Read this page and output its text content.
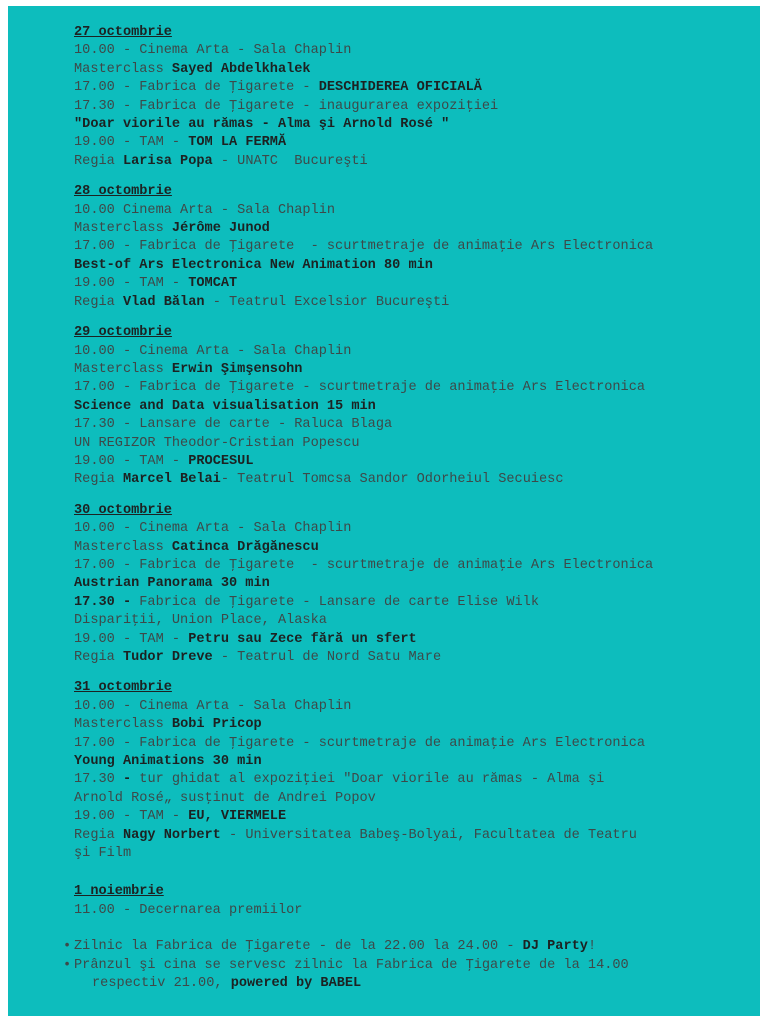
27 octombrie
10.00 - Cinema Arta - Sala Chaplin
Masterclass Sayed Abdelkhalek
17.00 - Fabrica de Ţigarete - DESCHIDEREA OFICIALĂ
17.30 - Fabrica de Ţigarete - inaugurarea expoziţiei
"Doar viorile au rămas - Alma şi Arnold Rosé "
19.00 - TAM - TOM LA FERMĂ
Regia Larisa Popa - UNATC  Bucureşti
28 octombrie
10.00 Cinema Arta - Sala Chaplin
Masterclass Jérôme Junod
17.00 - Fabrica de Ţigarete  - scurtmetraje de animaţie Ars Electronica
Best-of Ars Electronica New Animation 80 min
19.00 - TAM - TOMCAT
Regia Vlad Bălan - Teatrul Excelsior Bucureşti
29 octombrie
10.00 - Cinema Arta - Sala Chaplin
Masterclass Erwin Şimşensohn
17.00 - Fabrica de Ţigarete - scurtmetraje de animaţie Ars Electronica
Science and Data visualisation 15 min
17.30 - Lansare de carte - Raluca Blaga
UN REGIZOR Theodor-Cristian Popescu
19.00 - TAM - PROCESUL
Regia Marcel Belai- Teatrul Tomcsa Sandor Odorheiul Secuiesc
30 octombrie
10.00 - Cinema Arta - Sala Chaplin
Masterclass Catinca Drăgănescu
17.00 - Fabrica de Ţigarete  - scurtmetraje de animaţie Ars Electronica
Austrian Panorama 30 min
17.30 - Fabrica de Ţigarete - Lansare de carte Elise Wilk
Dispariţii, Union Place, Alaska
19.00 - TAM - Petru sau Zece fără un sfert
Regia Tudor Dreve - Teatrul de Nord Satu Mare
31 octombrie
10.00 - Cinema Arta - Sala Chaplin
Masterclass Bobi Pricop
17.00 - Fabrica de Ţigarete - scurtmetraje de animaţie Ars Electronica
Young Animations 30 min
17.30 - tur ghidat al expoziţiei "Doar viorile au rămas - Alma şi
Arnold Rosé„ susţinut de Andrei Popov
19.00 - TAM - EU, VIERMELE
Regia Nagy Norbert - Universitatea Babeş-Bolyai, Facultatea de Teatru
şi Film
1 noiembrie
11.00 - Decernarea premiilor
• Zilnic la Fabrica de Ţigarete - de la 22.00 la 24.00 - DJ Party!
• Prânzul şi cina se servesc zilnic la Fabrica de Ţigarete de la 14.00
respectiv 21.00, powered by BABEL
